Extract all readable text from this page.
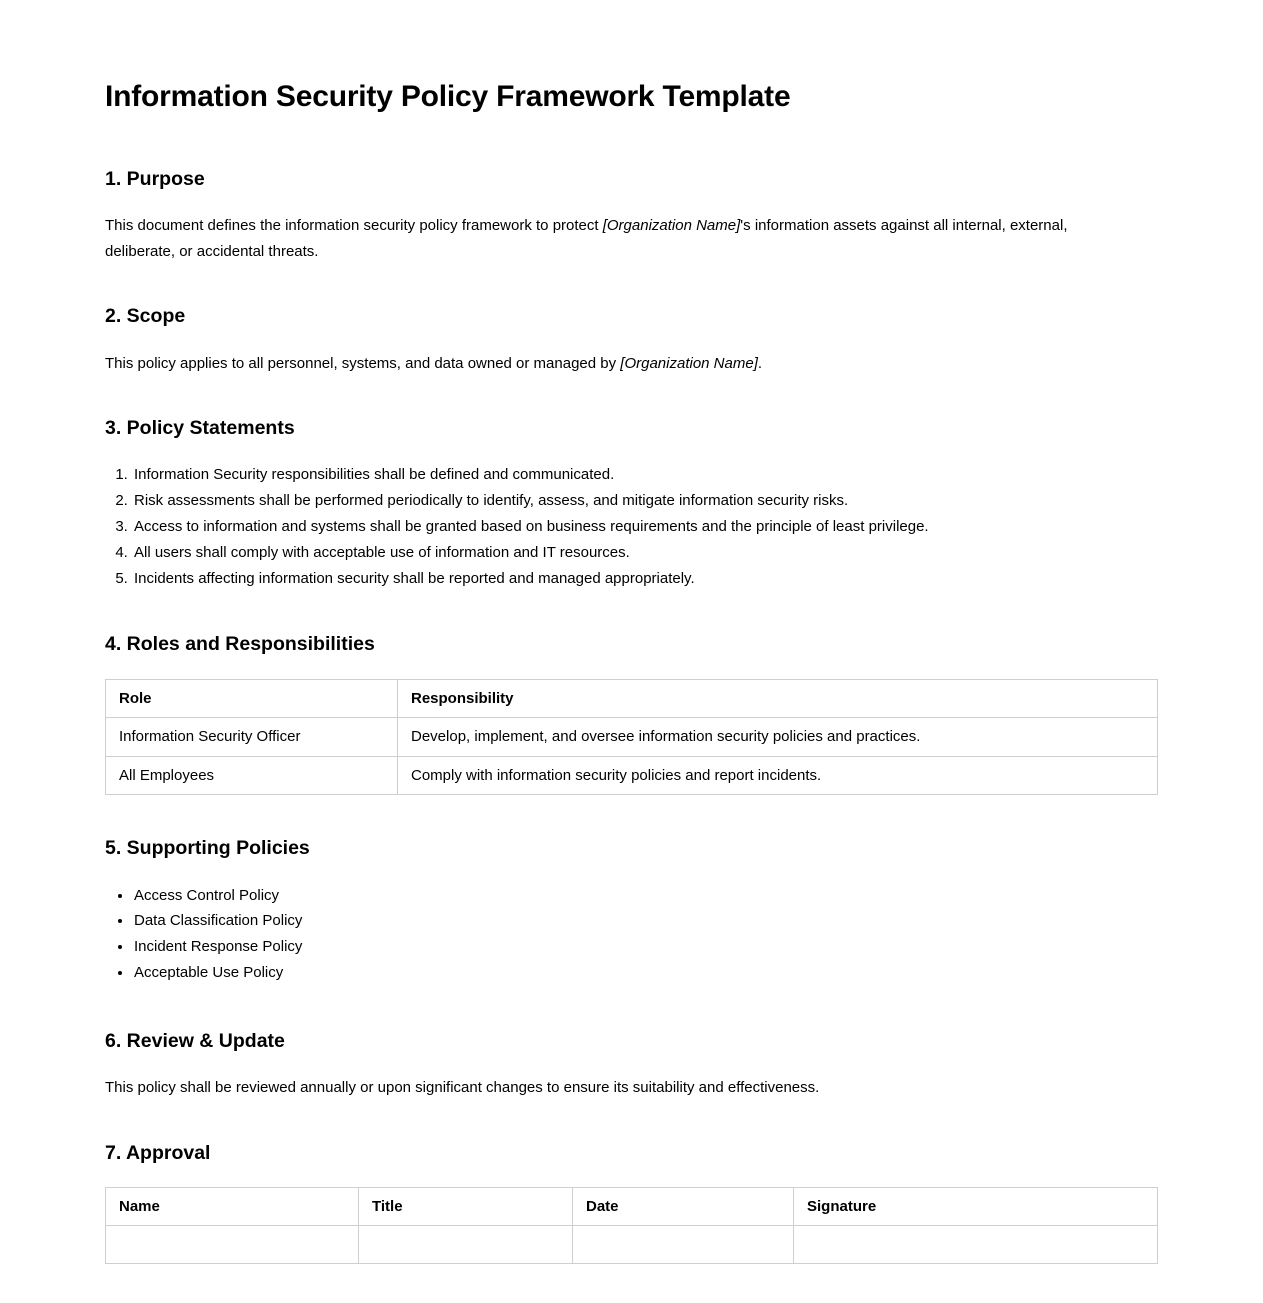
Information Security Policy Framework Template
1. Purpose

This document defines the information security policy framework to protect [Organization Name]'s information assets against all internal, external, deliberate, or accidental threats.

2. Scope

This policy applies to all personnel, systems, and data owned or managed by [Organization Name].

3. Policy Statements
1. Information Security responsibilities shall be defined and communicated.
2. Risk assessments shall be performed periodically to identify, assess, and mitigate information security risks.
3. Access to information and systems shall be granted based on business requirements and the principle of least privilege.
4. All users shall comply with acceptable use of information and IT resources.
5. Incidents affecting information security shall be reported and managed appropriately.
4. Roles and Responsibilities
Role	Responsibility
Information Security Officer	Develop, implement, and oversee information security policies and practices.
All Employees	Comply with information security policies and report incidents.
5. Supporting Policies
• Access Control Policy
• Data Classification Policy
• Incident Response Policy
• Acceptable Use Policy
6. Review & Update

This policy shall be reviewed annually or upon significant changes to ensure its suitability and effectiveness.

7. Approval
Name	Title	Date	Signature
